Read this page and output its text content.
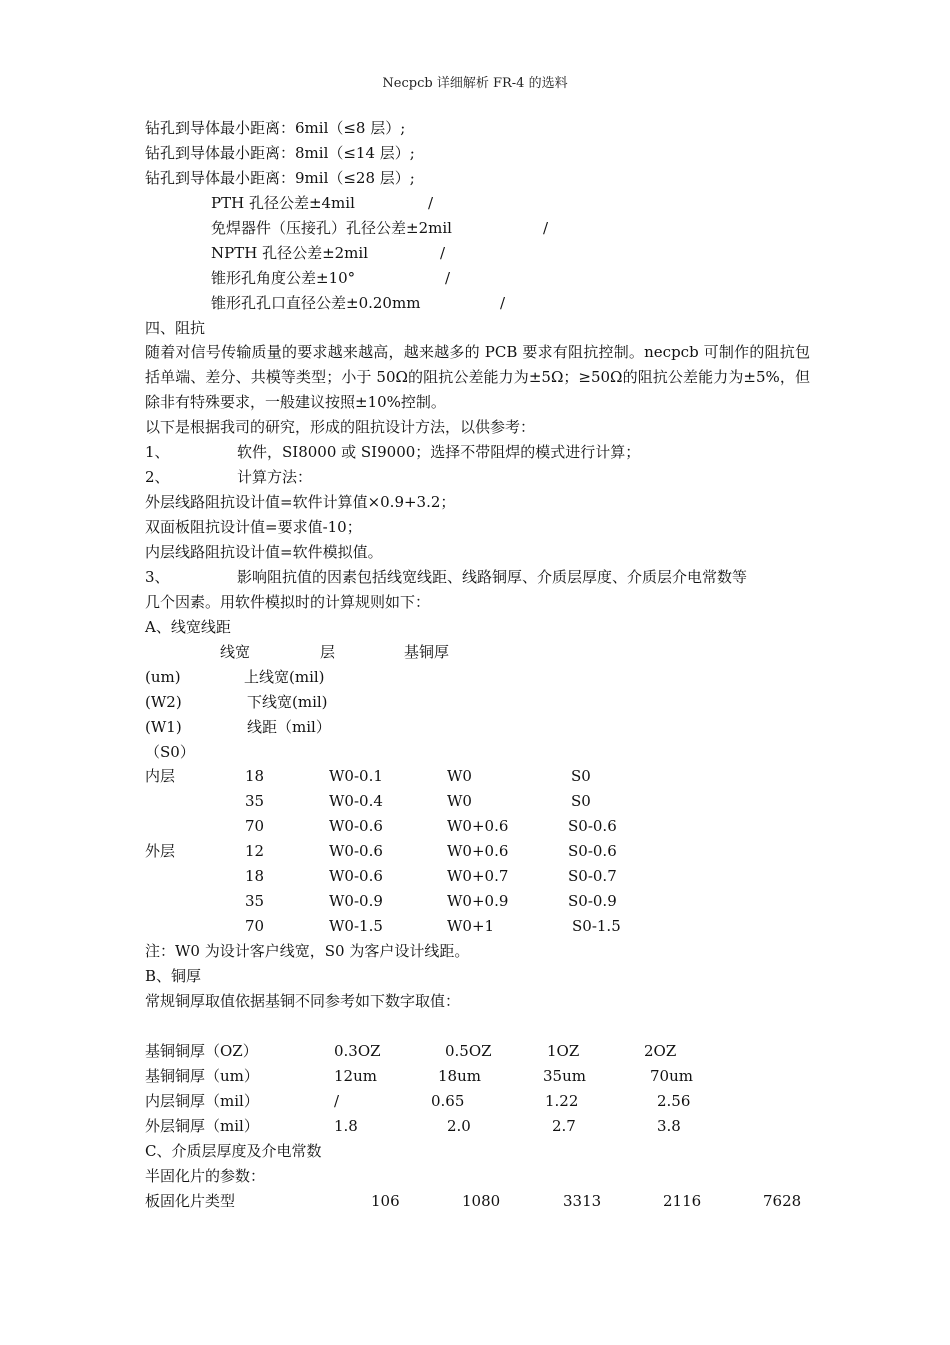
Necpcb 详细解析 FR-4 的选料
钻孔到导体最小距离：6mil（≤8 层）;
钻孔到导体最小距离：8mil（≤14 层）;
钻孔到导体最小距离：9mil（≤28 层）;
PTH 孔径公差±4mil	/
免焊器件（压接孔）孔径公差±2mil	/
NPTH 孔径公差±2mil	/
锥形孔角度公差±10°	/
锥形孔孔口直径公差±0.20mm	/
四、阻抗
随着对信号传输质量的要求越来越高，越来越多的 PCB 要求有阻抗控制。necpcb 可制作的阻抗包括单端、差分、共模等类型；小于 50Ω的阻抗公差能力为±5Ω；≥50Ω的阻抗公差能力为±5%，但除非有特殊要求，一般建议按照±10%控制。
以下是根据我司的研究，形成的阻抗设计方法，以供参考：
1、	软件，SI8000 或 SI9000；选择不带阻焊的模式进行计算；
2、	计算方法：
外层线路阻抗设计值=软件计算值×0.9+3.2；
双面板阻抗设计值=要求值-10；
内层线路阻抗设计值=软件模拟值。
3、	影响阻抗值的因素包括线宽线距、线路铜厚、介质层厚度、介质层介电常数等
几个因素。用软件模拟时的计算规则如下：
A、线宽线距
线宽	层	基铜厚
(um)	上线宽(mil)
(W2)	下线宽(mil)
(W1)	线距（mil）
（S0）
内层	18	W0-0.1	W0	S0
35	W0-0.4	W0	S0
70	W0-0.6	W0+0.6	S0-0.6
外层	12	W0-0.6	W0+0.6	S0-0.6
18	W0-0.6	W0+0.7	S0-0.7
35	W0-0.9	W0+0.9	S0-0.9
70	W0-1.5	W0+1	S0-1.5
注：W0 为设计客户线宽，S0 为客户设计线距。
B、铜厚
常规铜厚取值依据基铜不同参考如下数字取值：
基铜铜厚（OZ）	0.3OZ	0.5OZ	1OZ	2OZ
基铜铜厚（um）	12um	18um	35um	70um
内层铜厚（mil）	/	0.65	1.22	2.56
外层铜厚（mil）	1.8	2.0	2.7	3.8
C、介质层厚度及介电常数
半固化片的参数：
板固化片类型	106	1080	3313	2116	7628
